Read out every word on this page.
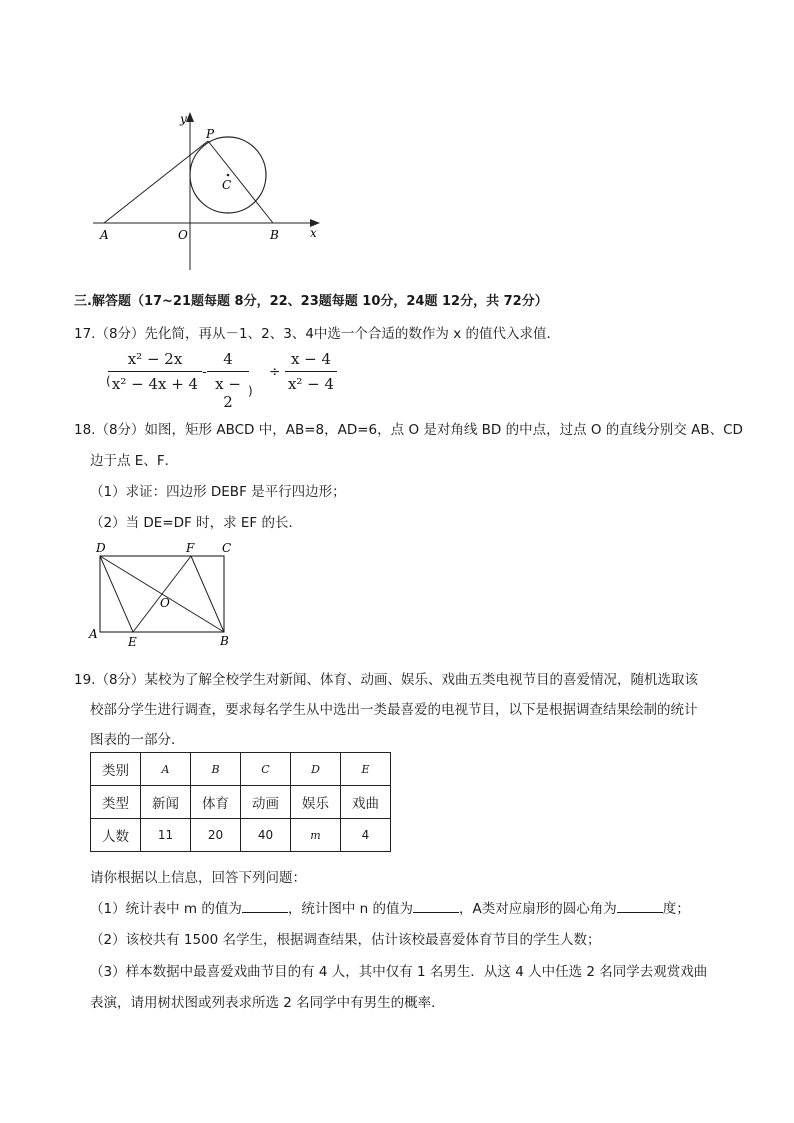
y
x
P
C
A	O	B
三.解答题（17~21题每题 8分，22、23题每题 10分，24题 12分，共 72分）
17.（8分）先化简，再从－1、2、3、4中选一个合适的数作为 x 的值代入求值．
(
$\frac{\text{x² − 2x}}{\text{x² − 4x + 4}} - \frac{4}{x - 2}$ )
÷ $\frac{x - 4}{\text{x² − 4}}$
18.（8分）如图，矩形 ABCD 中，AB=8，AD=6，点 O 是对角线 BD 的中点，过点 O 的直线分别交 AB、CD
边于点 E、F．
（1）求证：四边形 DEBF 是平行四边形；
（2）当 DE=DF 时，求 EF 的长．
D	F C
O
A
E	B
19.（8分）某校为了解全校学生对新闻、体育、动画、娱乐、戏曲五类电视节目的喜爱情况，随机选取该
校部分学生进行调查，要求每名学生从中选出一类最喜爱的电视节目，以下是根据调查结果绘制的统计
图表的一部分．
类别	A	B	C	D	E
类型	新闻	体育	动画	娱乐	戏曲
人数	11	20	40	m	4
请你根据以上信息，回答下列问题：
（1）统计表中 m 的值为	，统计图中 n 的值为	，A类对应扇形的圆心角为	度；
（2）该校共有 1500 名学生，根据调查结果，估计该校最喜爱体育节目的学生人数；
（3）样本数据中最喜爱戏曲节目的有 4 人，其中仅有 1 名男生．从这 4 人中任选 2 名同学去观赏戏曲
表演，请用树状图或列表求所选 2 名同学中有男生的概率．
